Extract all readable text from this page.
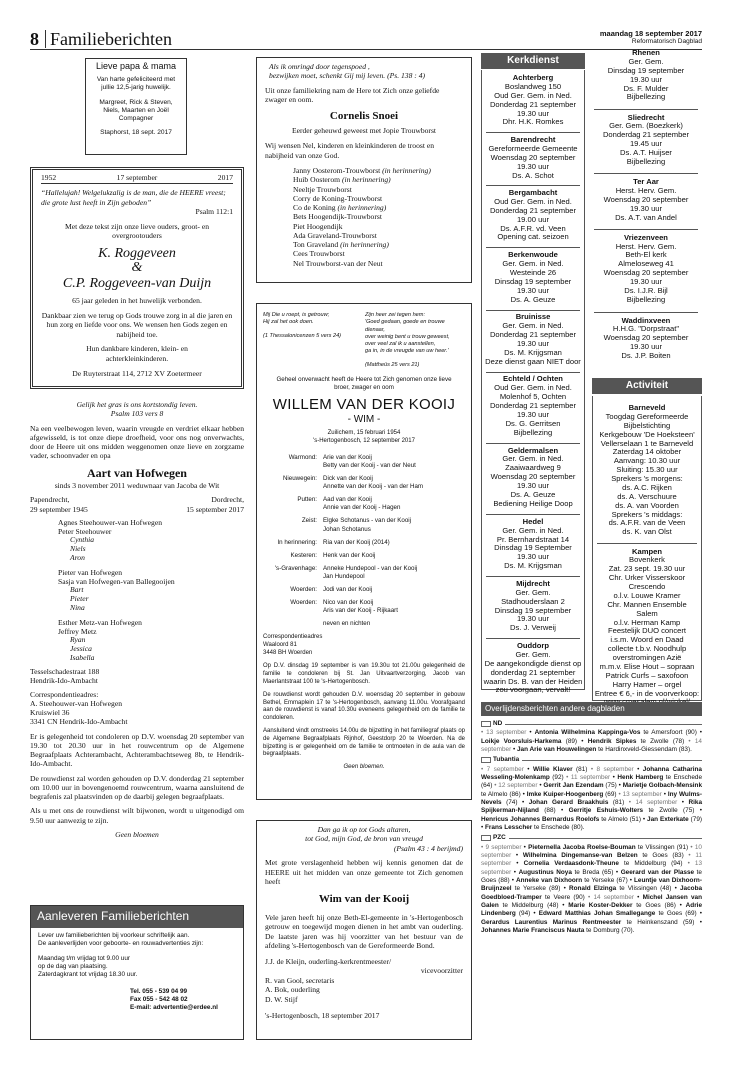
8 Familieberichten	maandag 18 september 2017
Reformatorisch Dagblad
Lieve papa & mama
Van harte gefeliciteerd met
jullie 12,5-jarig huwelijk.
Margreet, Rick & Steven,
Niels, Maarten en Joël
Compagner
Staphorst, 18 sept. 2017
1952	17 september	2017
“Hallelujah! Welgelukzalig is de man, die de HEERE vreest; die grote lust heeft in Zijn geboden”
Psalm 112:1
Met deze tekst zijn onze lieve ouders, groot- en overgrootouders
K. Roggeveen
&
C.P. Roggeveen-van Duijn
65 jaar geleden in het huwelijk verbonden.
Dankbaar zien we terug op Gods trouwe zorg in al die jaren en hun zorg en liefde voor ons. We wensen hen Gods zegen en nabijheid toe.
Hun dankbare kinderen, klein- en achterkleinkinderen.
De Ruyterstraat 114, 2712 XV Zoetermeer
Gelijk het gras is ons kortstondig leven.
Psalm 103 vers 8
Na een veelbewogen leven, waarin vreugde en verdriet elkaar hebben afgewisseld, is tot onze diepe droefheid, voor ons nog onverwachts, door de Heere uit ons midden weggenomen onze lieve en zorgzame vader, schoonvader en opa
Aart van Hofwegen
sinds 3 november 2011 weduwnaar van Jacoba de Wit
Papendrecht,	Dordrecht,
29 september 1945	15 september 2017
Agnes Steehouwer-van Hofwegen
Peter Steehouwer
Cynthia
Niels
Aron
Pieter van Hofwegen
Sasja van Hofwegen-van Ballegooijen
Bart
Pieter
Nina
Esther Metz-van Hofwegen
Jeffrey Metz
Ryan
Jessica
Isabella
Tesselschadestraat 188
Hendrik-Ido-Ambacht
Correspondentieadres:
A. Steehouwer-van Hofwegen
Kruiswiel 36
3341 CN Hendrik-Ido-Ambacht
Er is gelegenheid tot condoleren op D.V. woensdag 20 september van 19.30 tot 20.30 uur in het rouwcentrum op de Algemene Begraafplaats Achterambacht, Achterambachtseweg 8b, te Hendrik-Ido-Ambacht.
De rouwdienst zal worden gehouden op D.V. donderdag 21 september om 10.00 uur in bovengenoemd rouwcentrum, waarna aansluitend de begrafenis zal plaatsvinden op de daarbij gelegen begraafplaats.
Als u met ons de rouwdienst wilt bijwonen, wordt u uitgenodigd om 9.50 uur aanwezig te zijn.
Geen bloemen
Aanleveren Familieberichten
Lever uw familieberichten bij voorkeur schriftelijk aan.
De aanleverlijden voor geboorte- en rouwadvertenties zijn:
Maandag t/m vrijdag tot 9.00 uur
op de dag van plaatsing.
Zaterdagkrant tot vrijdag 18.30 uur.
Tel. 055 - 539 04 99
Fax 055 - 542 48 02
E-mail: advertentie@erdee.nl
Als ik omringd door tegenspoed ,
bezwijken moet, schenkt Gij mij leven. (Ps. 138 : 4)
Uit onze familiekring nam de Here tot Zich onze geliefde zwager en oom.
Cornelis Snoei
Eerder geheuwd geweest met Jopie Trouwborst
Wij wensen Nel, kinderen en kleinkinderen de troost en nabijheid van onze God.
Janny Oosterom-Trouwborst (in herinnering)
Huib Oosterom (in herinnering)
Neeltje Trouwborst
Corry de Koning-Trouwborst
Co de Koning (in herinnering)
Bets Hoogendijk-Trouwborst
Piet Hoogendijk
Ada Graveland-Trouwborst
Ton Graveland (in herinnering)
Cees Trouwborst
Nel Trouwborst-van der Neut
Mij Die u roept, is getrouw;
Hij zal het ook doen.
(1 Thessalonicenzen 5 vers 24)
Zijn heer zei tegen hem:
'Goed gedaan, goede en trouwe dienaar,
over weinig bent u trouw geweest,
over veel zal ik u aanstellen,
ga in, in de vreugde van uw heer.'
(Mattheüs 25 vers 21)
Geheel onverwacht heeft de Heere tot Zich genomen onze lieve broer, zwager en oom
WILLEM VAN DER KOOIJ
- WIM -
Zuilichem, 15 februari 1954
's-Hertogenbosch, 12 september 2017
Warmond: Arie van der Kooij
Betty van der Kooij - van der Neut
Nieuwegein: Dick van der Kooij
Annette van der Kooij - van der Ham
Putten: Aad van der Kooij
Annie van der Kooij - Hagen
Zeist: Elgke Schotanus - van der Kooij
Johan Schotanus
In herinnering: Ria van der Kooij (2014)
Kesteren: Henk van der Kooij
's-Gravenhage: Anneke Hundepool - van der Kooij
Jan Hundepool
Woerden: Jodi van der Kooij
Woerden: Nico van der Kooij
Aris van der Kooij - Rijkaart
neven en nichten
Correspondentieadres
Waaloord 81
3448 BH Woerden
Op D.V. dinsdag 19 september is van 19.30u tot 21.00u gelegenheid de familie te condoleren bij St. Jan Uitvaartverzorging, Jacob van Maerlantstraat 100 te 's-Hertogenbosch.
De rouwdienst wordt gehouden D.V. woensdag 20 september in gebouw Bethel, Emmaplein 17 te 's-Hertogenbosch, aanvang 11.00u. Voorafgaand aan de rouwdienst is vanaf 10.30u eveneens gelegenheid om de familie te condoleren.
Aansluitend vindt omstreeks 14.00u de bijzetting in het familiegraf plaats op de Algemene Begraafplaats Rijnhof, Geestdorp 20 te Woerden. Na de bijzetting is er gelegenheid om de familie te ontmoeten in de aula van de begraafplaats.
Geen bloemen.
Dan ga ik op tot Gods altaren,
tot God, mijn God, de bron van vreugd
(Psalm 43 : 4 berijmd)
Met grote verslagenheid hebben wij kennis genomen dat de HEERE uit het midden van onze gemeente tot Zich genomen heeft
Wim van der Kooij
Vele jaren heeft hij onze Beth-El-gemeente in 's-Hertogenbosch getrouw en toegewijd mogen dienen in het ambt van ouderling. De laatste jaren was hij voorzitter van het bestuur van de afdeling 's-Hertogenbosch van de Gereformeerde Bond.
J.J. de Kleijn, ouderling-kerkrentmeester/
vicevoorzitter
R. van Gool, secretaris
A. Bok, ouderling
D. W. Stijf
's-Hertogenbosch, 18 september 2017
Kerkdienst
Achterberg
Boslandweg 150
Oud Ger. Gem. in Ned.
Donderdag 21 september
19.30 uur
Dhr. H.K. Romkes
Barendrecht
Gereformeerde Gemeente
Woensdag 20 september
19.30 uur
Ds. A. Schot
Bergambacht
Oud Ger. Gem. in Ned.
Donderdag 21 september
19.00 uur
Ds. A.F.R. vd. Veen
Opening cat. seizoen
Berkenwoude
Ger. Gem. in Ned.
Westeinde 26
Dinsdag 19 september
19.30 uur
Ds. A. Geuze
Bruinisse
Ger. Gem. in Ned.
Donderdag 21 september
19.30 uur
Ds. M. Krijgsman
Deze dienst gaan NIET door
Echteld / Ochten
Oud Ger. Gem. in Ned.
Molenhof 5, Ochten
Donderdag 21 september
19.30 uur
Ds. G. Gerritsen
Bijbellezing
Geldermalsen
Ger. Gem. in Ned.
Zaaiwaardweg 9
Woensdag 20 september
19.30 uur
Ds. A. Geuze
Bediening Heilige Doop
Hedel
Ger. Gem. in Ned.
Pr. Bernhardstraat 14
Dinsdag 19 September
19.30 uur
Ds. M. Krijgsman
Mijdrecht
Ger. Gem.
Stadhouderslaan 2
Dinsdag 19 september
19.30 uur
Ds. J. Verweij
Ouddorp
Ger. Gem.
De aangekondigde dienst op
donderdag 21 september
waarin Ds. B. van der Heiden
zou voorgaan, vervalt!
Rhenen
Ger. Gem.
Dinsdag 19 september
19.30 uur
Ds. F. Mulder
Bijbellezing
Sliedrecht
Ger. Gem. (Boezkerk)
Donderdag 21 september
19.45 uur
Ds. A.T. Huijser
Bijbellezing
Ter Aar
Herst. Herv. Gem.
Woensdag 20 september
19.30 uur
Ds. A.T. van Andel
Vriezenveen
Herst. Herv. Gem.
Beth-El kerk
Almeloseweg 41
Woensdag 20 september
19.30 uur
Ds. I.J.R. Bijl
Bijbellezing
Waddinxveen
H.H.G. "Dorpstraat"
Woensdag 20 september
19.30 uur
Ds. J.P. Boiten
Activiteit
Barneveld
Toogdag Gereformeerde
Bijbelstichting
Kerkgebouw 'De Hoeksteen'
Vellerselaan 1 te Barneveld
Zaterdag 14 oktober
Aanvang: 10.30 uur
Sluiting: 15.30 uur
Sprekers 's morgens:
ds. A.C. Rijken
ds. A. Verschuure
ds. A. van Voorden
Sprekers 's middags:
ds. A.F.R. van de Veen
ds. K. van Olst
Kampen
Bovenkerk
Zat. 23 sept. 19.30 uur
Chr. Urker Visserskoor
Crescendo
o.l.v. Louwe Kramer
Chr. Mannen Ensemble
Salem
o.l.v. Herman Kamp
Feestelijk DUO concert
i.s.m. Woord en Daad
collecte t.b.v. Noodhulp
overstromingen Azië
m.m.v. Elise Hout – sopraan
Patrick Curfs – saxofoon
Harry Hamer – orgel
Entree € 6,- in de voorverkoop:
Overlijdensberichten andere dagbladen
ND
• 13 september • Antonia Wilhelmina Kappinga-Vos te Amersfoort (90) • Loikje Voorsluis-Harkema (89) • Hendrik Sipkes te Zwolle (78) • 14 september • Jan Arie van Houwelingen te Hardinxveld-Giessendam (83).
Tubantia
• 7 september • Willie Klaver (81) • 8 september • Johanna Catharina Wesseling-Molenkamp (92) • 11 september • Henk Hamberg te Enschede (64) • 12 september • Gerrit Jan Ezendam (75) • Marietje Golbach-Mensink te Almelo (86) • Imke Kuiper-Hoogenberg (69) • 13 september • Iny Wulms-Nevels (74) • Johan Gerard Braakhuis (81) • 14 september • Rika Spijkerman-Nijland (88) • Gerritje Eshuis-Wolters te Zwolle (75) • Henricus Johannes Bernardus Roelofs te Almelo (51) • Jan Exterkate (79) • Frans Lesscher te Enschede (80).
PZC
• 9 september • Pieternella Jacoba Roelse-Bouman te Vlissingen (91) • 10 september • Wilhelmina Dingemanse-van Belzen te Goes (83) • 11 september • Cornelia Verdaasdonk-Theune te Middelburg (94) • 13 september • Augustinus Noya te Breda (65) • Geerard van der Plasse te Goes (88) • Anneke van Dixhoorn te Yerseke (67) • Leuntje van Dixhoorn-Bruijnzeel te Yerseke (89) • Ronald Elzinga te Vlissingen (48) • Jacoba Goedbloed-Tramper te Veere (90) • 14 september • Michel Jansen van Galen te Middelburg (48) • Marie Koster-Dekker te Goes (86) • Adrie Lindenberg (94) • Edward Matthias Johan Smallegange te Goes (69) • Gerardus Laurentius Marinus Rentmeester te Heinkenszand (59) • Johannes Marie Franciscus Nauta te Domburg (70).
